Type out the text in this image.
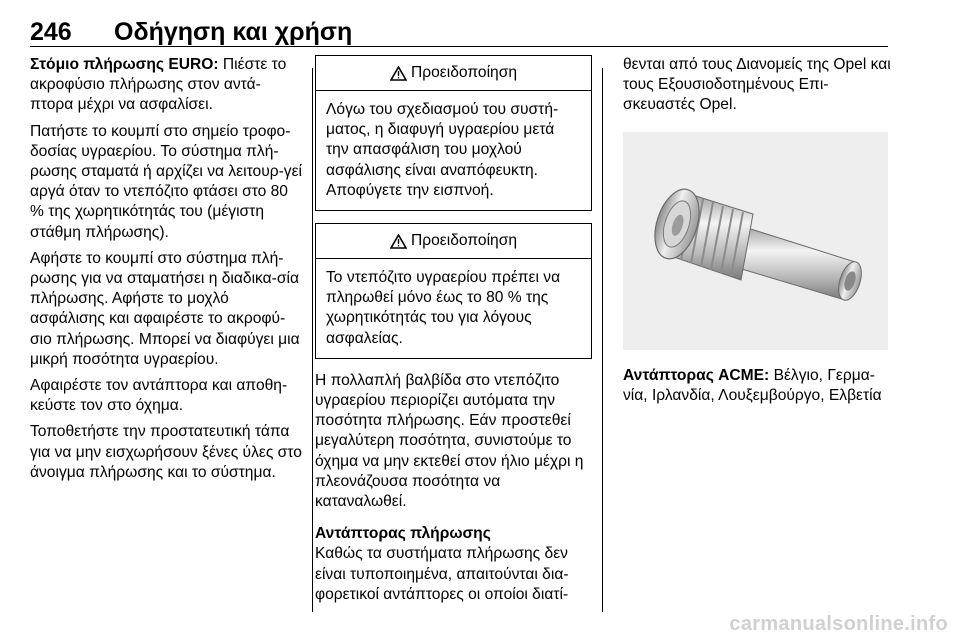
246 Οδήγηση και χρήση

Στόμιο πλήρωσης EURO: Πιέστε το ακροφύσιο πλήρωσης στον αντά-πτορα μέχρι να ασφαλίσει.

Πατήστε το κουμπί στο σημείο τροφο-δοσίας υγραερίου. Το σύστημα πλή-ρωσης σταματά ή αρχίζει να λειτουρ-γεί αργά όταν το ντεπόζιτο φτάσει στο 80 % της χωρητικότητάς του (μέγιστη στάθμη πλήρωσης).

Αφήστε το κουμπί στο σύστημα πλή-ρωσης για να σταματήσει η διαδικα-σία πλήρωσης. Αφήστε το μοχλό ασφάλισης και αφαιρέστε το ακροφύ-σιο πλήρωσης. Μπορεί να διαφύγει μια μικρή ποσότητα υγραερίου.

Αφαιρέστε τον αντάπτορα και αποθη-κεύστε τον στο όχημα.

Τοποθετήστε την προστατευτική τάπα για να μην εισχωρήσουν ξένες ύλες στο άνοιγμα πλήρωσης και το σύστημα.

Προειδοποίηση
Λόγω του σχεδιασμού του συστή-ματος, η διαφυγή υγραερίου μετά την απασφάλιση του μοχλού ασφάλισης είναι αναπόφευκτη. Αποφύγετε την εισπνοή.
Προειδοποίηση
Το ντεπόζιτο υγραερίου πρέπει να πληρωθεί μόνο έως το 80 % της χωρητικότητάς του για λόγους ασφαλείας.

Η πολλαπλή βαλβίδα στο ντεπόζιτο υγραερίου περιορίζει αυτόματα την ποσότητα πλήρωσης. Εάν προστεθεί μεγαλύτερη ποσότητα, συνιστούμε το όχημα να μην εκτεθεί στον ήλιο μέχρι η πλεονάζουσα ποσότητα να καταναλωθεί.

Αντάπτορας πλήρωσης

Καθώς τα συστήματα πλήρωσης δεν είναι τυποποιημένα, απαιτούνται δια-φορετικοί αντάπτορες οι οποίοι διατί-

θενται από τους Διανομείς της Opel και τους Εξουσιοδοτημένους Επι-σκευαστές Opel.

Αντάπτορας ACME: Βέλγιο, Γερμα-νία, Ιρλανδία, Λουξεμβούργο, Ελβετία

carmanualsonline.info
